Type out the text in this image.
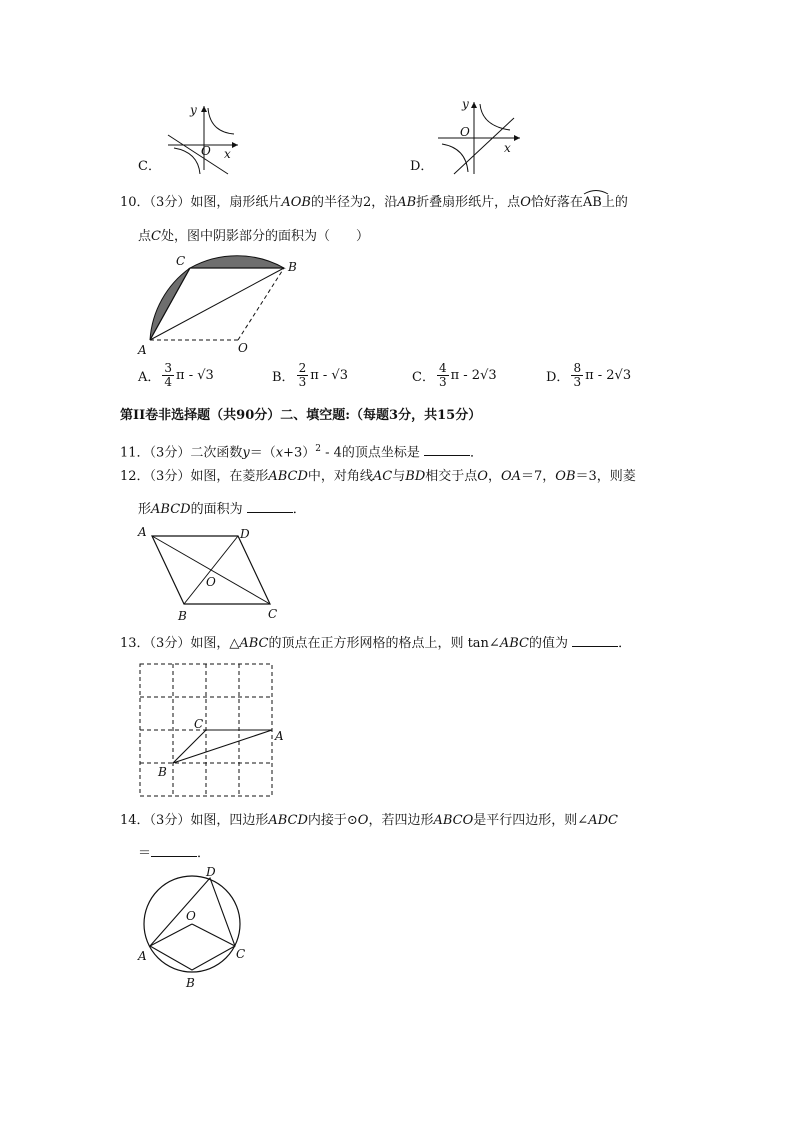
C．
y
O x
D．
y
O
x
10．（3分）如图，扇形纸片AOB的半径为2，沿AB折叠扇形纸片，点O恰好落在
AB上的
点C处，图中阴影部分的面积为（　　）
A
C	B
O
A． $\frac{3}{4}$ π - √3	B． $\frac{2}{3}$ π - √3	C． $\frac{4}{3}$ π - 2√3	D． $\frac{8}{3}$ π - 2√3
第II卷非选择题（共90分）二、填空题:（每题3分，共15分）
11．（3分）二次函数$y=(x+3)^2 - 4$的顶点坐标是	．
12．（3分）如图，在菱形ABCD中，对角线AC与BD相交于点O，OA＝7，OB＝3，则菱
形ABCD的面积为	．
A	D
B	C
O
13．（3分）如图，△ABC的顶点在正方形网格的格点上，则 tan∠ABC的值为	．
C
A
B
14．（3分）如图，四边形ABCD内接于⊙O，若四边形ABCO是平行四边形，则∠ADC
＝	．
D
O
A	C
B
